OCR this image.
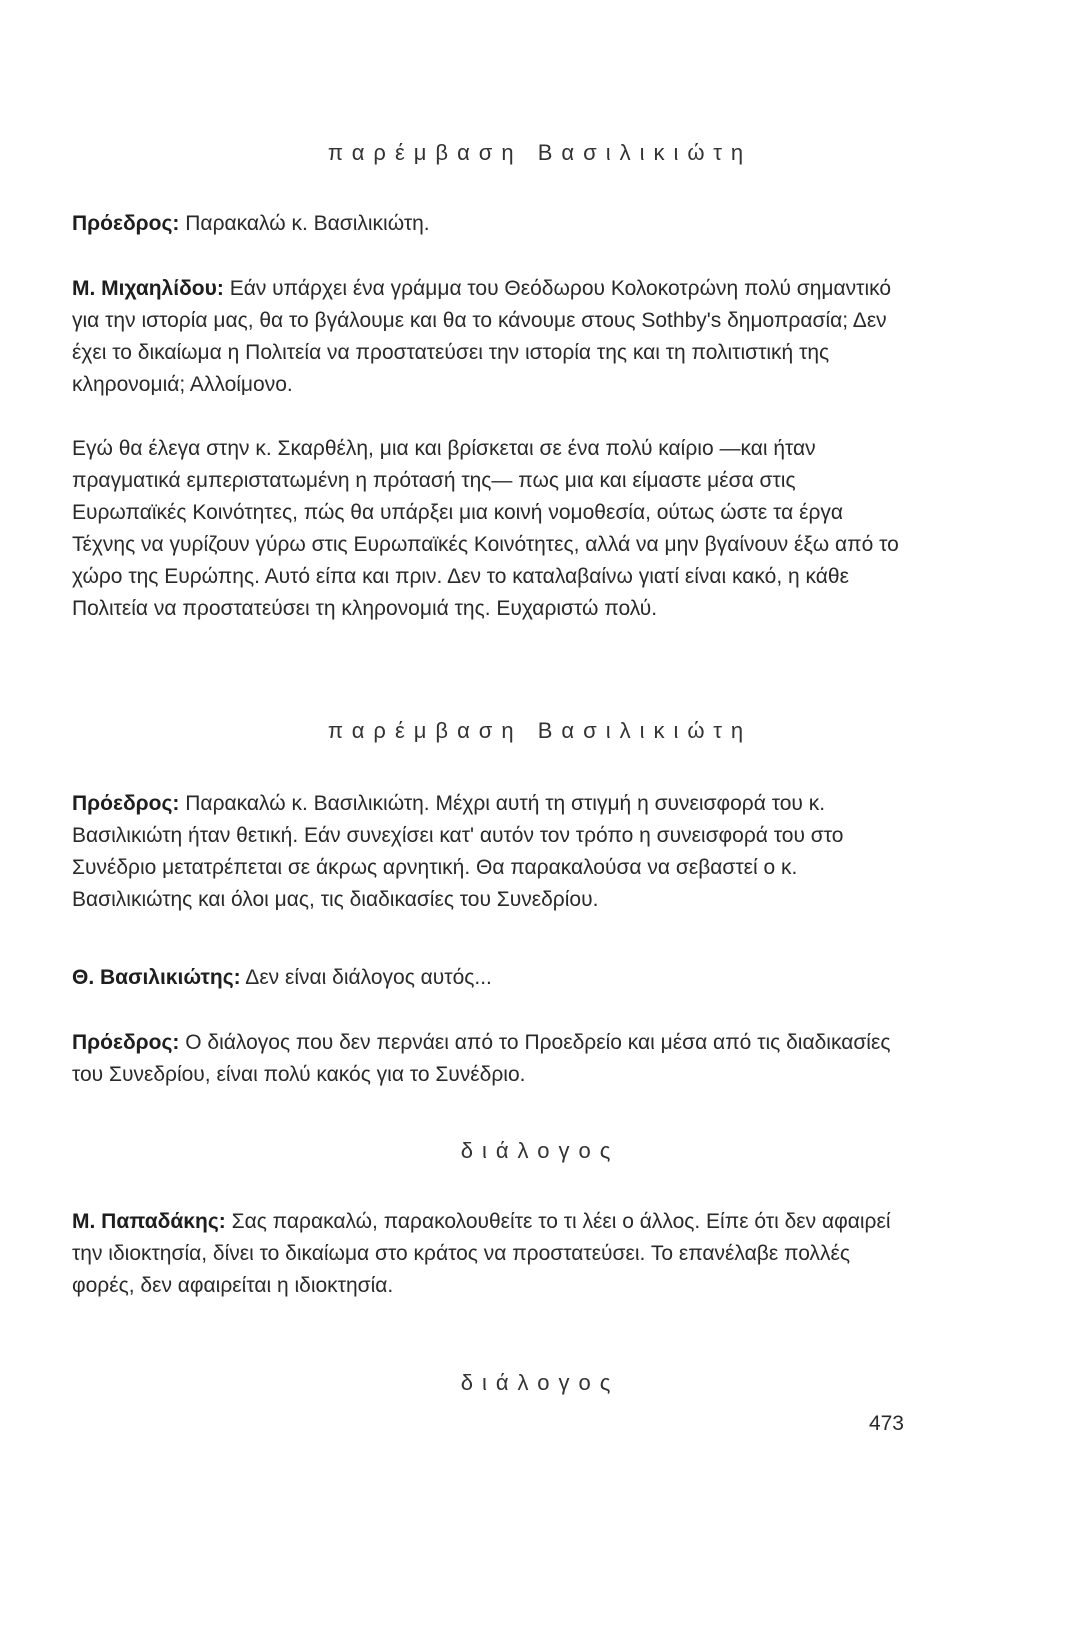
παρέμβαση Βασιλικιώτη

Πρόεδρος: Παρακαλώ κ. Βασιλικιώτη.

Μ. Μιχαηλίδου: Εάν υπάρχει ένα γράμμα του Θεόδωρου Κολοκοτρώνη πολύ σημαντικό για την ιστορία μας, θα το βγάλουμε και θα το κάνουμε στους Sothby's δημοπρασία; Δεν έχει το δικαίωμα η Πολιτεία να προστατεύσει την ιστορία της και τη πολιτιστική της κληρονομιά; Αλλοίμονο.

Εγώ θα έλεγα στην κ. Σκαρθέλη, μια και βρίσκεται σε ένα πολύ καίριο —και ήταν πραγματικά εμπεριστατωμένη η πρότασή της— πως μια και είμαστε μέσα στις Ευρωπαϊκές Κοινότητες, πώς θα υπάρξει μια κοινή νομοθεσία, ούτως ώστε τα έργα Τέχνης να γυρίζουν γύρω στις Ευρωπαϊκές Κοινότητες, αλλά να μην βγαίνουν έξω από το χώρο της Ευρώπης. Αυτό είπα και πριν. Δεν το καταλαβαίνω γιατί είναι κακό, η κάθε Πολιτεία να προστατεύσει τη κληρονομιά της. Ευχαριστώ πολύ.

παρέμβαση Βασιλικιώτη

Πρόεδρος: Παρακαλώ κ. Βασιλικιώτη. Μέχρι αυτή τη στιγμή η συνεισφορά του κ. Βασιλικιώτη ήταν θετική. Εάν συνεχίσει κατ' αυτόν τον τρόπο η συνεισφορά του στο Συνέδριο μετατρέπεται σε άκρως αρνητική. Θα παρακαλούσα να σεβαστεί ο κ. Βασιλικιώτης και όλοι μας, τις διαδικασίες του Συνεδρίου.

Θ. Βασιλικιώτης: Δεν είναι διάλογος αυτός...

Πρόεδρος: Ο διάλογος που δεν περνάει από το Προεδρείο και μέσα από τις διαδικασίες του Συνεδρίου, είναι πολύ κακός για το Συνέδριο.

διάλογος

Μ. Παπαδάκης: Σας παρακαλώ, παρακολουθείτε το τι λέει ο άλλος. Είπε ότι δεν αφαιρεί την ιδιοκτησία, δίνει το δικαίωμα στο κράτος να προστατεύσει. Το επανέλαβε πολλές φορές, δεν αφαιρείται η ιδιοκτησία.

διάλογος

473
